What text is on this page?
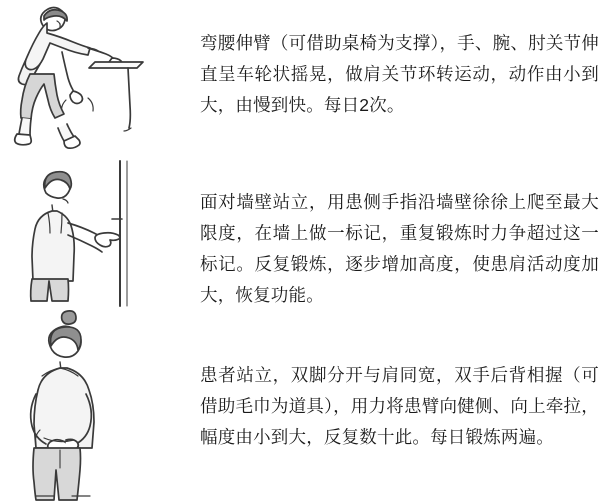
弯腰伸臂（可借助桌椅为支撑），手、腕、肘关节伸直呈车轮状摇晃，做肩关节环转运动，动作由小到大，由慢到快。每日2次。

面对墙壁站立，用患侧手指沿墙壁徐徐上爬至最大限度，在墙上做一标记，重复锻炼时力争超过这一标记。反复锻炼，逐步增加高度，使患肩活动度加大，恢复功能。

患者站立，双脚分开与肩同宽，双手后背相握（可借助毛巾为道具），用力将患臂向健侧、向上牵拉，幅度由小到大，反复数十此。每日锻炼两遍。
